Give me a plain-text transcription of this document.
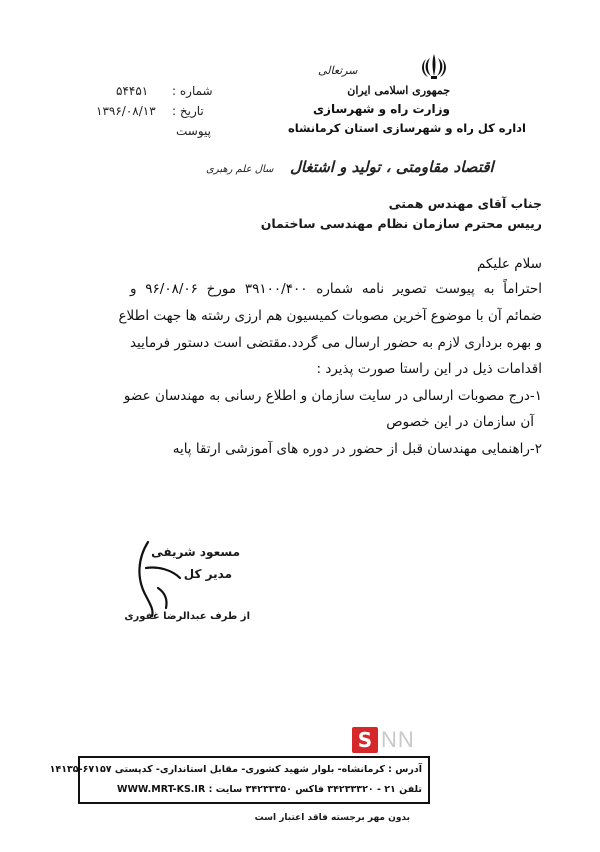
سرتعالی
جمهوری اسلامی ایران
وزارت راه و شهرسازی
اداره کل راه و شهرسازی استان کرمانشاه
شماره :
۵۴۴۵۱
تاریخ :
۱۳۹۶/۰۸/۱۳
پیوست
اقتصاد مقاومتی ، تولید و اشتغال
سال علم رهبری
جناب آقای مهندس همتی
رییس محترم سازمان نظام مهندسی ساختمان
سلام علیکم
احتراماً به پیوست تصویر نامه شماره ۳۹۱۰۰/۴۰۰ مورخ ۹۶/۰۸/۰۶ و
ضمائم آن با موضوع آخرین مصوبات کمیسیون هم ارزی رشته ها جهت اطلاع
و بهره برداری لازم به حضور ارسال می گردد.مقتضی است دستور فرمایید
اقدامات ذیل در این راستا صورت پذیرد :
۱-درج مصوبات ارسالی در سایت سازمان و اطلاع رسانی به مهندسان عضو
آن سازمان در این خصوص
۲-راهنمایی مهندسان قبل از حضور در دوره های آموزشی ارتقا پایه
مسعود شریفی
مدیر کل
از طرف عبدالرضا غفوری
S NN
آدرس : کرمانشاه- بلوار شهید کشوری- مقابل استانداری- کدپستی ۶۷۱۵۷-۱۴۱۳۵
تلفن ۲۱ - ۳۴۲۳۳۳۲۰ فاکس ۳۴۲۳۳۳۵۰ سایت : WWW.MRT-KS.IR
بدون مهر برجسته فاقد اعتبار است
